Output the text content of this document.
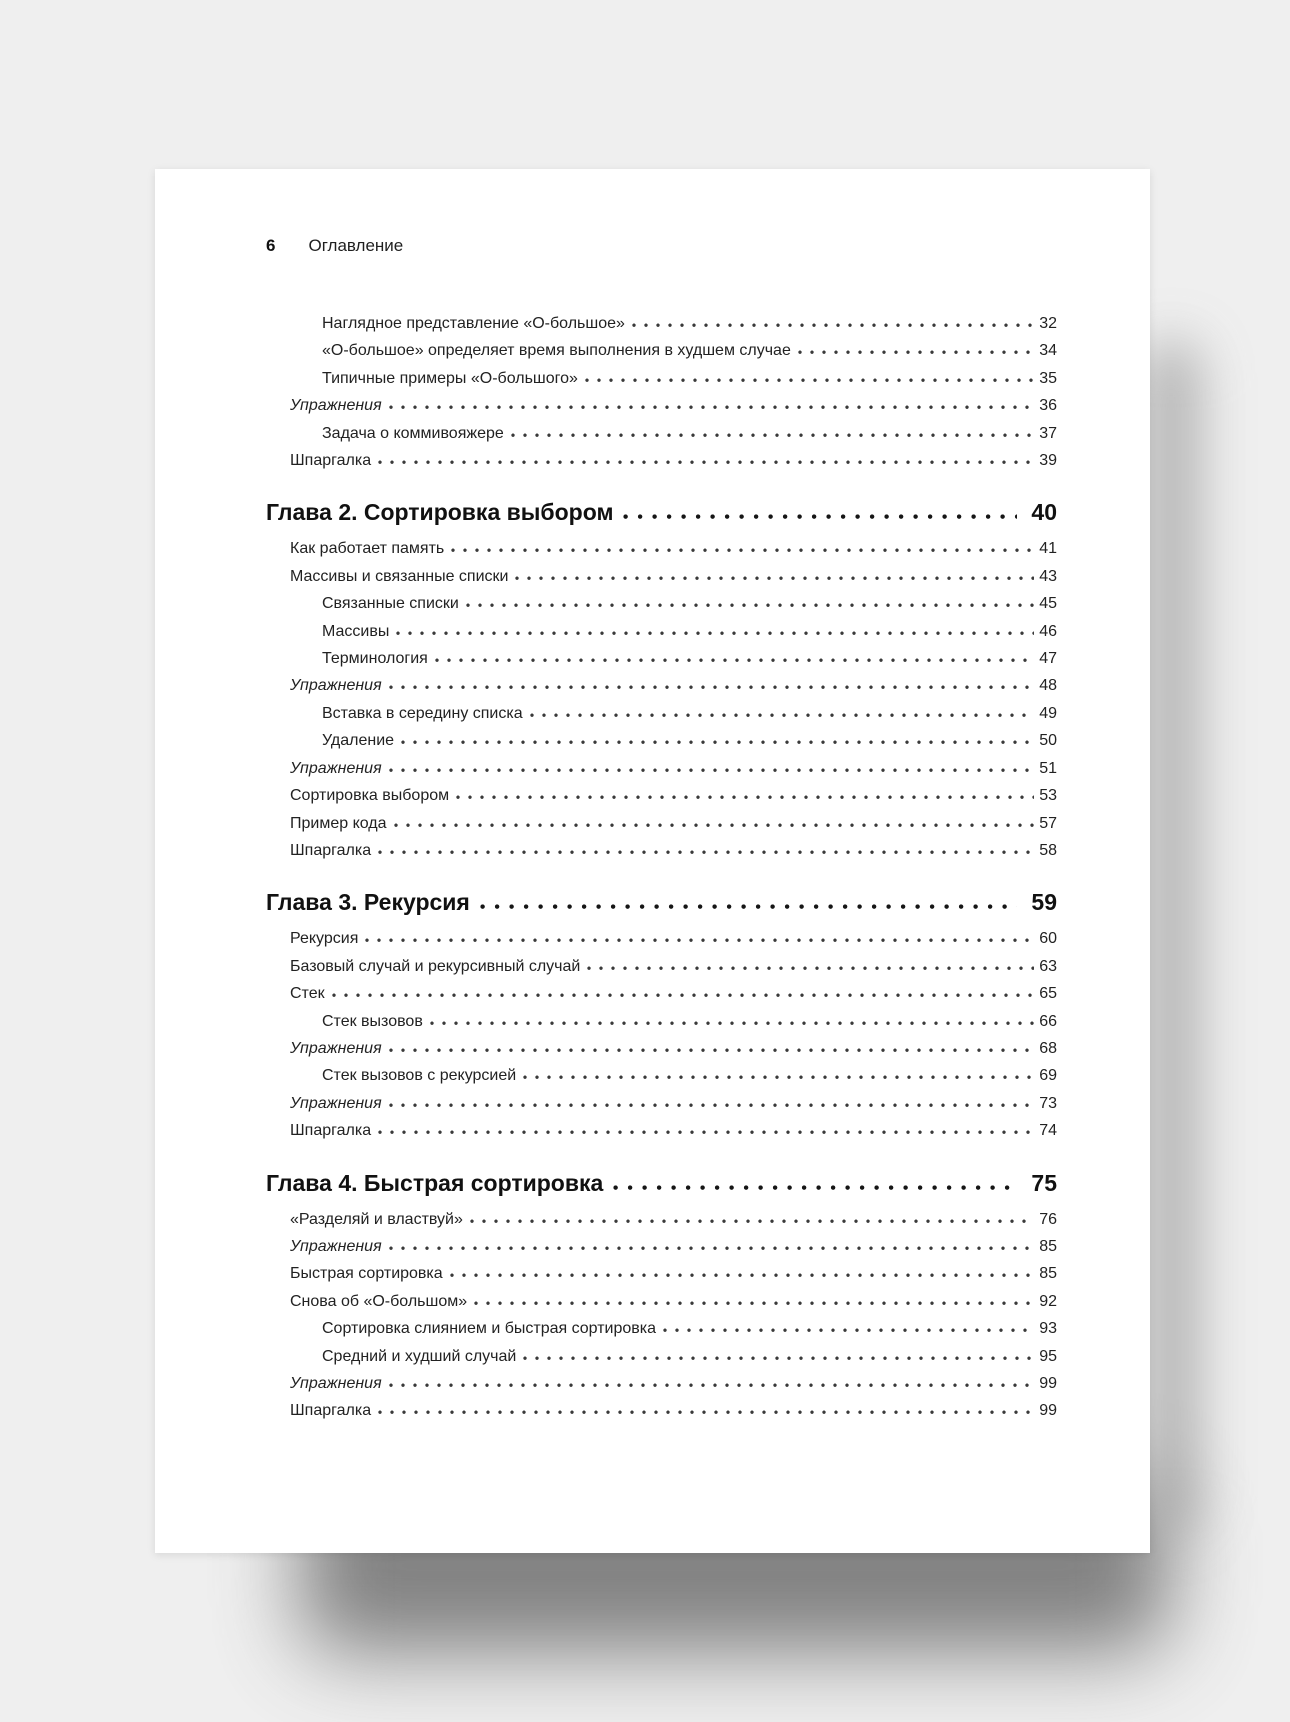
6 Оглавление
Наглядное представление «О-большое»	32
«О-большое» определяет время выполнения в худшем случае	34
Типичные примеры «О-большого»	35
Упражнения	36
Задача о коммивояжере	37
Шпаргалка	39
Глава 2. Сортировка выбором	40
Как работает память	41
Массивы и связанные списки	43
Связанные списки	45
Массивы	46
Терминология	47
Упражнения	48
Вставка в середину списка	49
Удаление	50
Упражнения	51
Сортировка выбором	53
Пример кода	57
Шпаргалка	58
Глава 3. Рекурсия	59
Рекурсия	60
Базовый случай и рекурсивный случай	63
Стек	65
Стек вызовов	66
Упражнения	68
Стек вызовов с рекурсией	69
Упражнения	73
Шпаргалка	74
Глава 4. Быстрая сортировка	75
«Разделяй и властвуй»	76
Упражнения	85
Быстрая сортировка	85
Снова об «О-большом»	92
Сортировка слиянием и быстрая сортировка	93
Средний и худший случай	95
Упражнения	99
Шпаргалка	99
